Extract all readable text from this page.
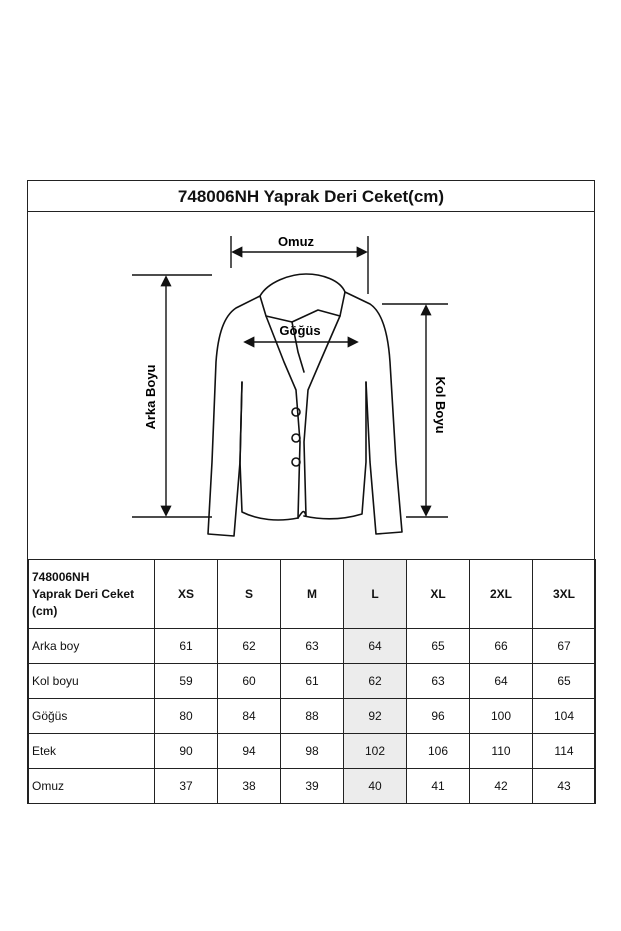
748006NH Yaprak Deri Ceket(cm)
Omuz
Göğüs
Arka Boyu	Kol Boyu
748006NH
Yaprak Deri Ceket
(cm)	XS	S	M	L	XL	2XL	3XL
Arka boy	61	62	63	64	65	66	67
Kol boyu	59	60	61	62	63	64	65
Göğüs	80	84	88	92	96	100	104
Etek	90	94	98	102	106	110	114
Omuz	37	38	39	40	41	42	43
